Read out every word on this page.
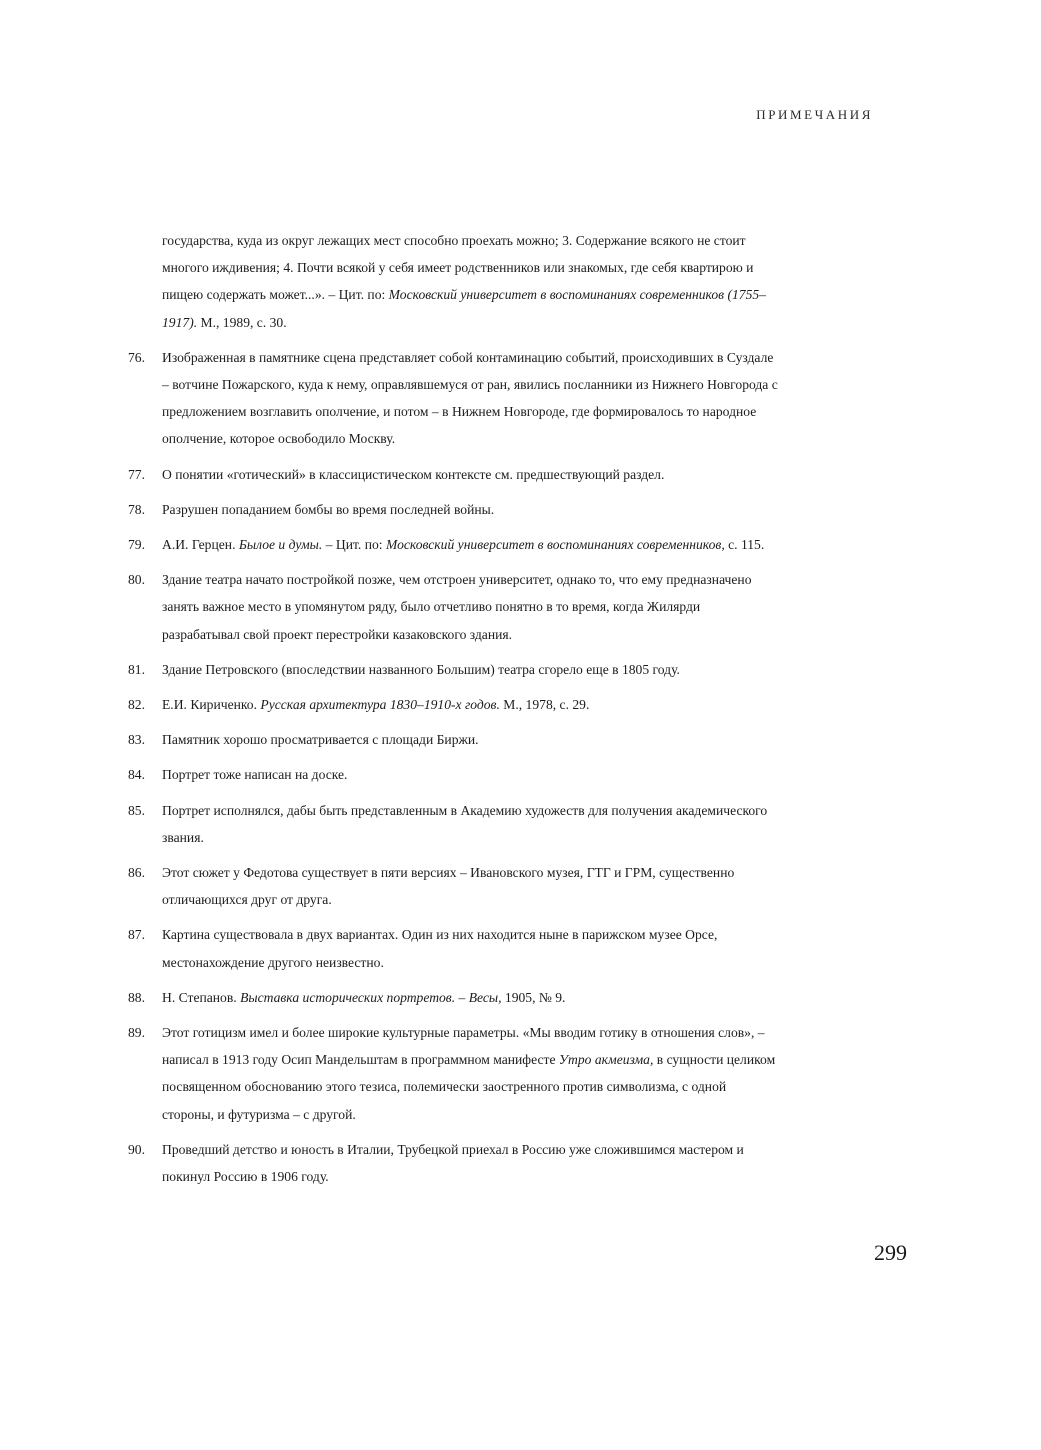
ПРИМЕЧАНИЯ

государства, куда из округ лежащих мест способно проехать можно; 3. Содержание всякого не стоит многого иждивения; 4. Почти всякой у себя имеет родственников или знакомых, где себя квартирою и пищею содержать может...». – Цит. по: Московский университет в воспоминаниях современников (1755–1917). М., 1989, с. 30.

76. Изображенная в памятнике сцена представляет собой контаминацию событий, происходивших в Суздале – вотчине Пожарского, куда к нему, оправлявшемуся от ран, явились посланники из Нижнего Новгорода с предложением возглавить ополчение, и потом – в Нижнем Новгороде, где формировалось то народное ополчение, которое освободило Москву.

77. О понятии «готический» в классицистическом контексте см. предшествующий раздел.

78. Разрушен попаданием бомбы во время последней войны.

79. А.И. Герцен. Былое и думы. – Цит. по: Московский университет в воспоминаниях современников, с. 115.

80. Здание театра начато постройкой позже, чем отстроен университет, однако то, что ему предназначено занять важное место в упомянутом ряду, было отчетливо понятно в то время, когда Жилярди разрабатывал свой проект перестройки казаковского здания.

81. Здание Петровского (впоследствии названного Большим) театра сгорело еще в 1805 году.

82. Е.И. Кириченко. Русская архитектура 1830–1910-х годов. М., 1978, с. 29.

83. Памятник хорошо просматривается с площади Биржи.

84. Портрет тоже написан на доске.

85. Портрет исполнялся, дабы быть представленным в Академию художеств для получения академического звания.

86. Этот сюжет у Федотова существует в пяти версиях – Ивановского музея, ГТГ и ГРМ, существенно отличающихся друг от друга.

87. Картина существовала в двух вариантах. Один из них находится ныне в парижском музее Орсе, местонахождение другого неизвестно.

88. Н. Степанов. Выставка исторических портретов. – Весы, 1905, № 9.

89. Этот готицизм имел и более широкие культурные параметры. «Мы вводим готику в отношения слов», – написал в 1913 году Осип Мандельштам в программном манифесте Утро акмеизма, в сущности целиком посвященном обоснованию этого тезиса, полемически заостренного против символизма, с одной стороны, и футуризма – с другой.

90. Проведший детство и юность в Италии, Трубецкой приехал в Россию уже сложившимся мастером и покинул Россию в 1906 году.

299
